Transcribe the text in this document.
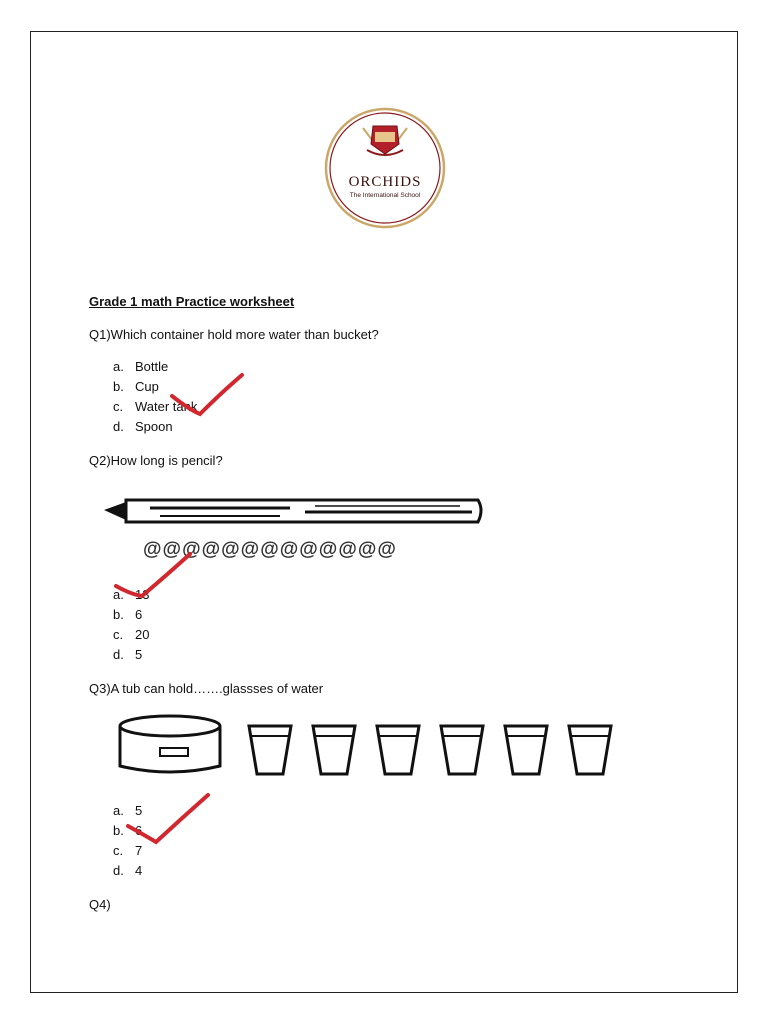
ORCHIDS
The International School
Grade 1 math Practice worksheet
Q1)Which container hold more water than bucket?
a. Bottle
b. Cup
c. Water tank
d. Spoon
Q2)How long is pencil?
@ @ @ @ @ @ @ @ @ @ @ @ @
a. 13
b. 6
c. 20
d. 5
Q3)A tub can hold…….glassses of water
a. 5
b. 6
c. 7
d. 4
Q4)
